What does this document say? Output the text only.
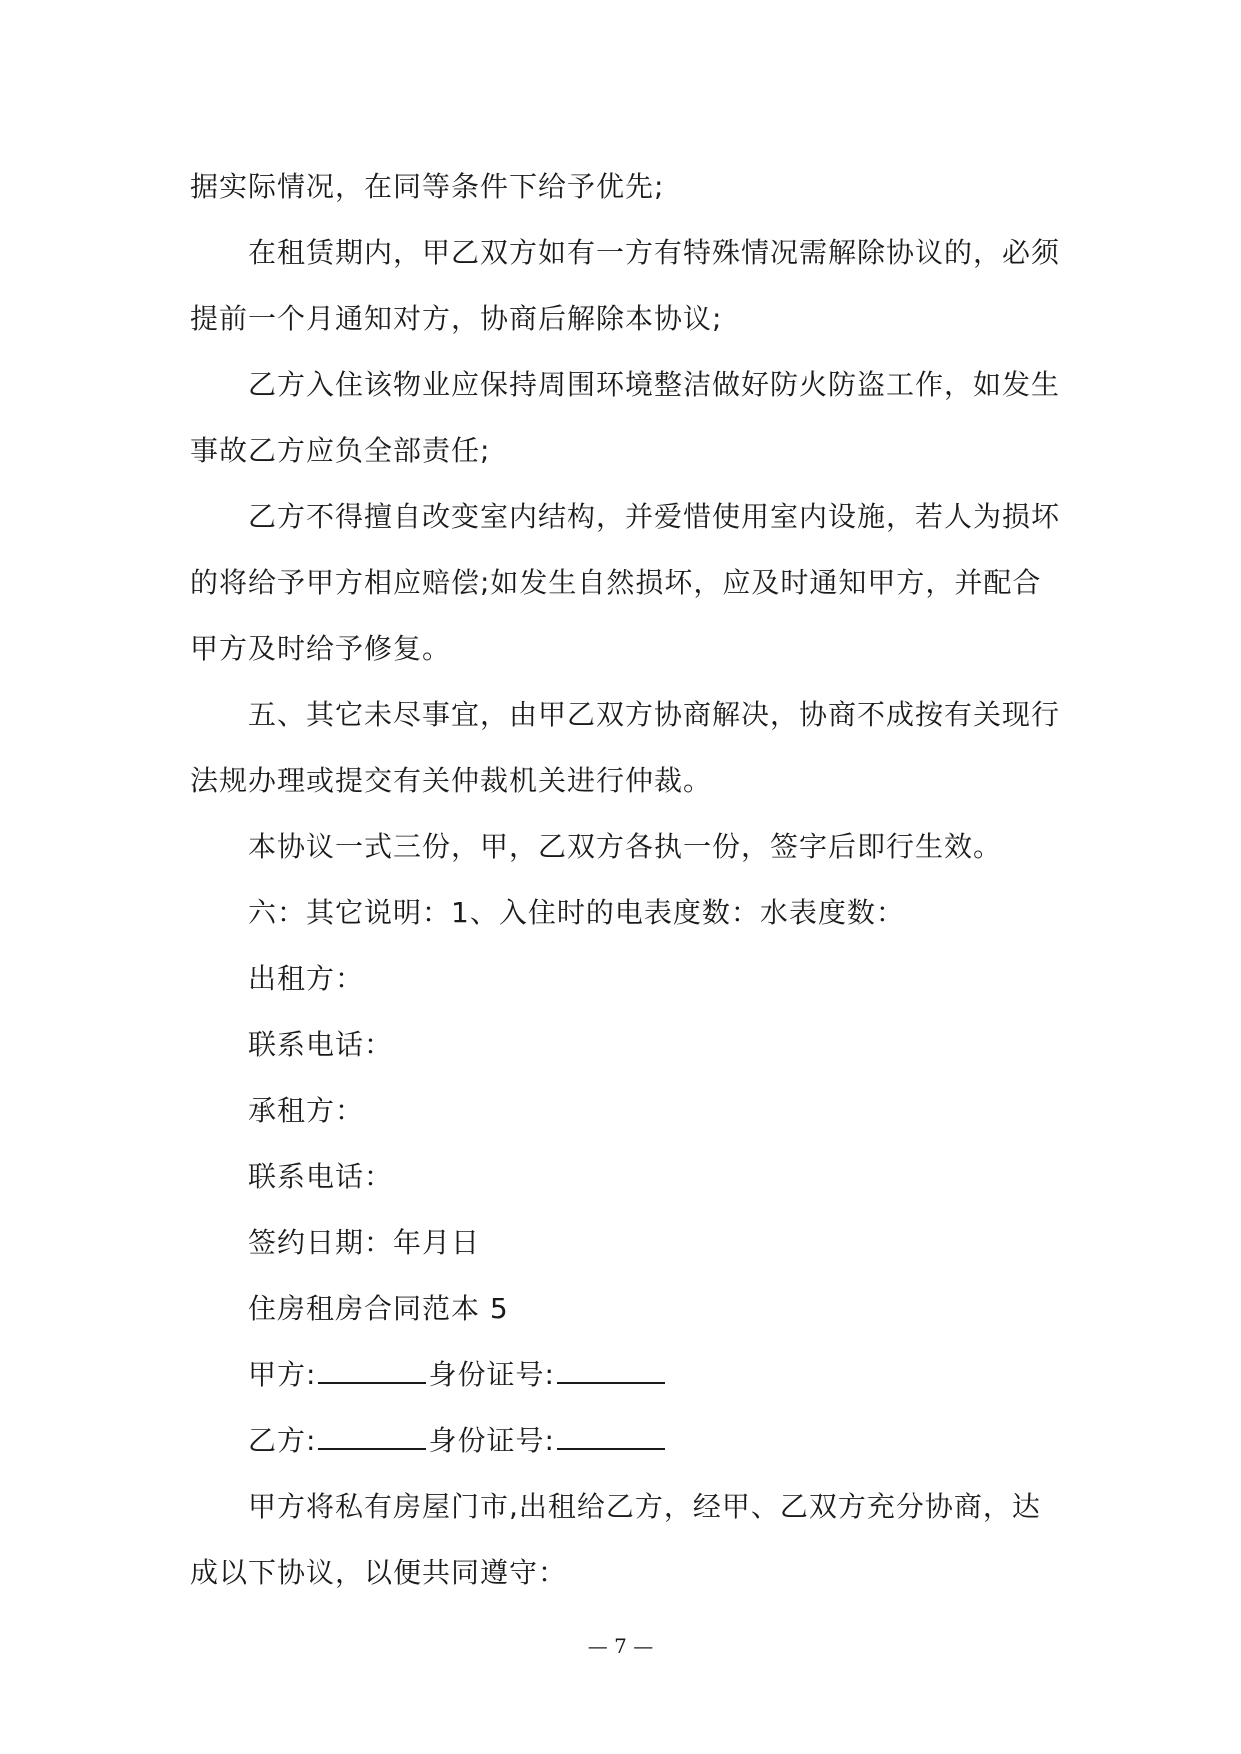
据实际情况，在同等条件下给予优先;
在租赁期内，甲乙双方如有一方有特殊情况需解除协议的，必须
提前一个月通知对方，协商后解除本协议;
乙方入住该物业应保持周围环境整洁做好防火防盗工作，如发生
事故乙方应负全部责任;
乙方不得擅自改变室内结构，并爱惜使用室内设施，若人为损坏
的将给予甲方相应赔偿;如发生自然损坏，应及时通知甲方，并配合
甲方及时给予修复。
五、其它未尽事宜，由甲乙双方协商解决，协商不成按有关现行
法规办理或提交有关仲裁机关进行仲裁。
本协议一式三份，甲，乙双方各执一份，签字后即行生效。
六：其它说明：1、入住时的电表度数：水表度数：
出租方：
联系电话：
承租方：
联系电话：
签约日期：年月日
住房租房合同范本 5
甲方:	身份证号:
乙方:	身份证号:
甲方将私有房屋门市,出租给乙方，经甲、乙双方充分协商，达
成以下协议，以便共同遵守：
— 7 —
